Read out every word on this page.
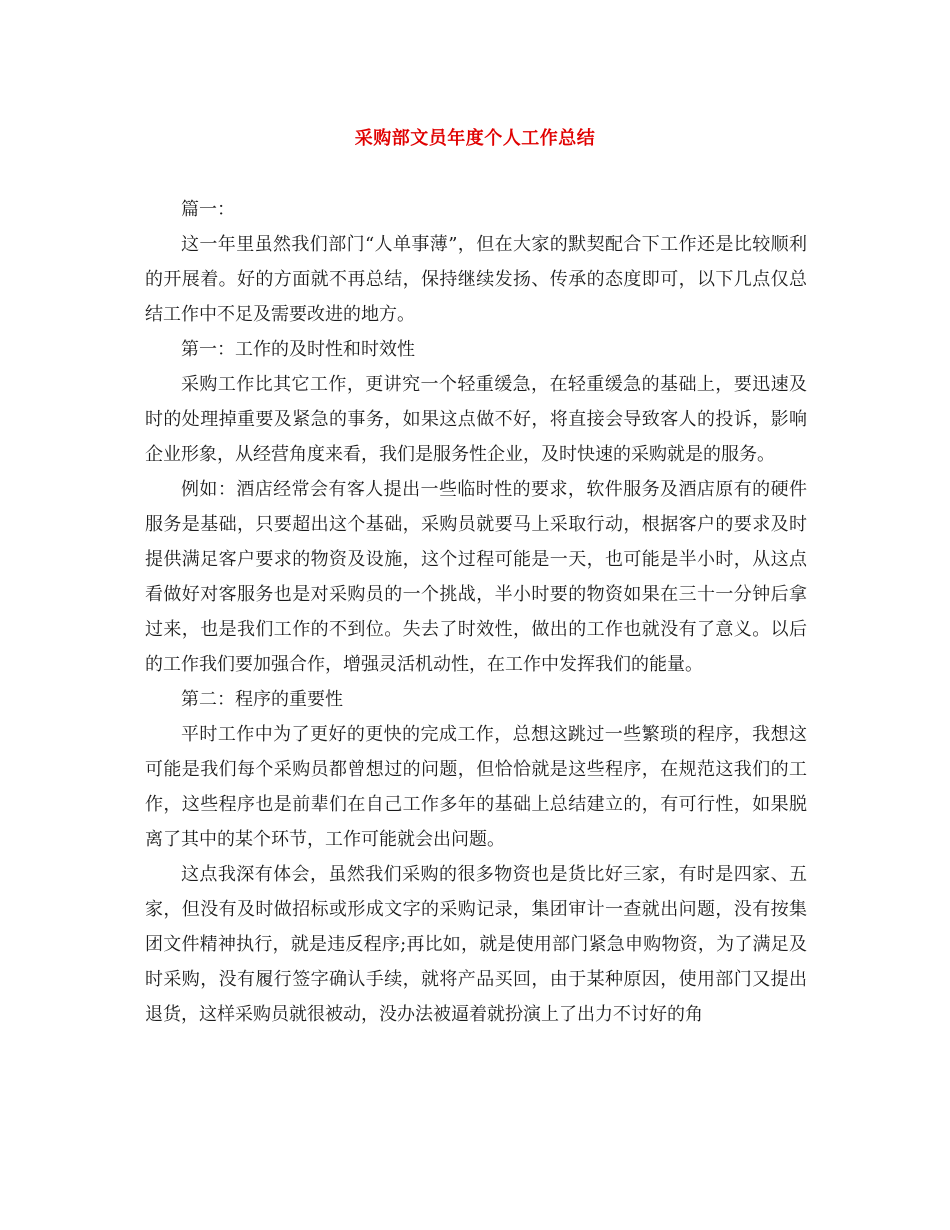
采购部文员年度个人工作总结

篇一：

这一年里虽然我们部门“人单事薄”，但在大家的默契配合下工作还是比较顺利的开展着。好的方面就不再总结，保持继续发扬、传承的态度即可，以下几点仅总结工作中不足及需要改进的地方。

第一：工作的及时性和时效性

采购工作比其它工作，更讲究一个轻重缓急，在轻重缓急的基础上，要迅速及时的处理掉重要及紧急的事务，如果这点做不好，将直接会导致客人的投诉，影响企业形象，从经营角度来看，我们是服务性企业，及时快速的采购就是的服务。

例如：酒店经常会有客人提出一些临时性的要求，软件服务及酒店原有的硬件服务是基础，只要超出这个基础，采购员就要马上采取行动，根据客户的要求及时提供满足客户要求的物资及设施，这个过程可能是一天，也可能是半小时，从这点看做好对客服务也是对采购员的一个挑战，半小时要的物资如果在三十一分钟后拿过来，也是我们工作的不到位。失去了时效性，做出的工作也就没有了意义。以后的工作我们要加强合作，增强灵活机动性，在工作中发挥我们的能量。

第二：程序的重要性

平时工作中为了更好的更快的完成工作，总想这跳过一些繁琐的程序，我想这可能是我们每个采购员都曾想过的问题，但恰恰就是这些程序，在规范这我们的工作，这些程序也是前辈们在自己工作多年的基础上总结建立的，有可行性，如果脱离了其中的某个环节，工作可能就会出问题。

这点我深有体会，虽然我们采购的很多物资也是货比好三家，有时是四家、五家，但没有及时做招标或形成文字的采购记录，集团审计一查就出问题，没有按集团文件精神执行，就是违反程序;再比如，就是使用部门紧急申购物资，为了满足及时采购，没有履行签字确认手续，就将产品买回，由于某种原因，使用部门又提出退货，这样采购员就很被动，没办法被逼着就扮演上了出力不讨好的角
